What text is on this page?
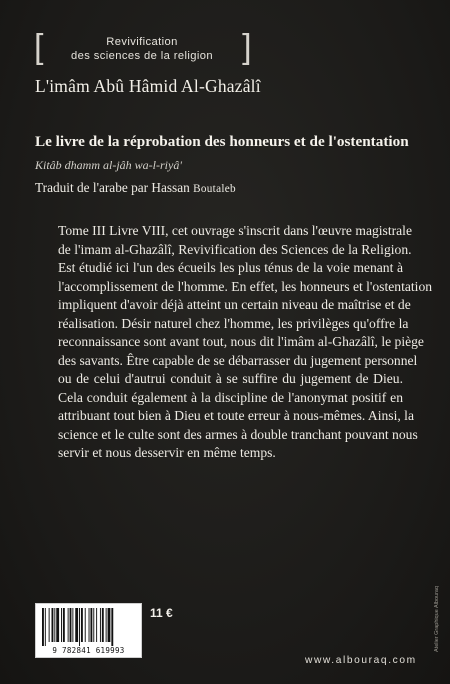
[	Revivification
des sciences de la religion ]
L'imâm Abû Hâmid Al-Ghazâlî
Le livre de la réprobation des honneurs et de l'ostentation
Kitâb dhamm al-jâh wa-l-riyâ'
Traduit de l'arabe par Hassan Boutaleb
Tome III Livre VIII, cet ouvrage s'inscrit dans l'œuvre magistrale
de l'imam al-Ghazâlî, Revivification des Sciences de la Religion.
Est étudié ici l'un des écueils les plus ténus de la voie menant à
l'accomplissement de l'homme. En effet, les honneurs et l'ostentation
impliquent d'avoir déjà atteint un certain niveau de maîtrise et de
réalisation. Désir naturel chez l'homme, les privilèges qu'offre la
reconnaissance sont avant tout, nous dit l'imâm al-Ghazâlî, le piège
des savants. Être capable de se débarrasser du jugement personnel
ou de celui d'autrui conduit à se suffire du jugement de Dieu.
Cela conduit également à la discipline de l'anonymat positif en
attribuant tout bien à Dieu et toute erreur à nous-mêmes. Ainsi, la
science et le culte sont des armes à double tranchant pouvant nous
servir et nous desservir en même temps.
9 782841 619993
11 €
www.albouraq.com
Atelier Graphique Albouraq
